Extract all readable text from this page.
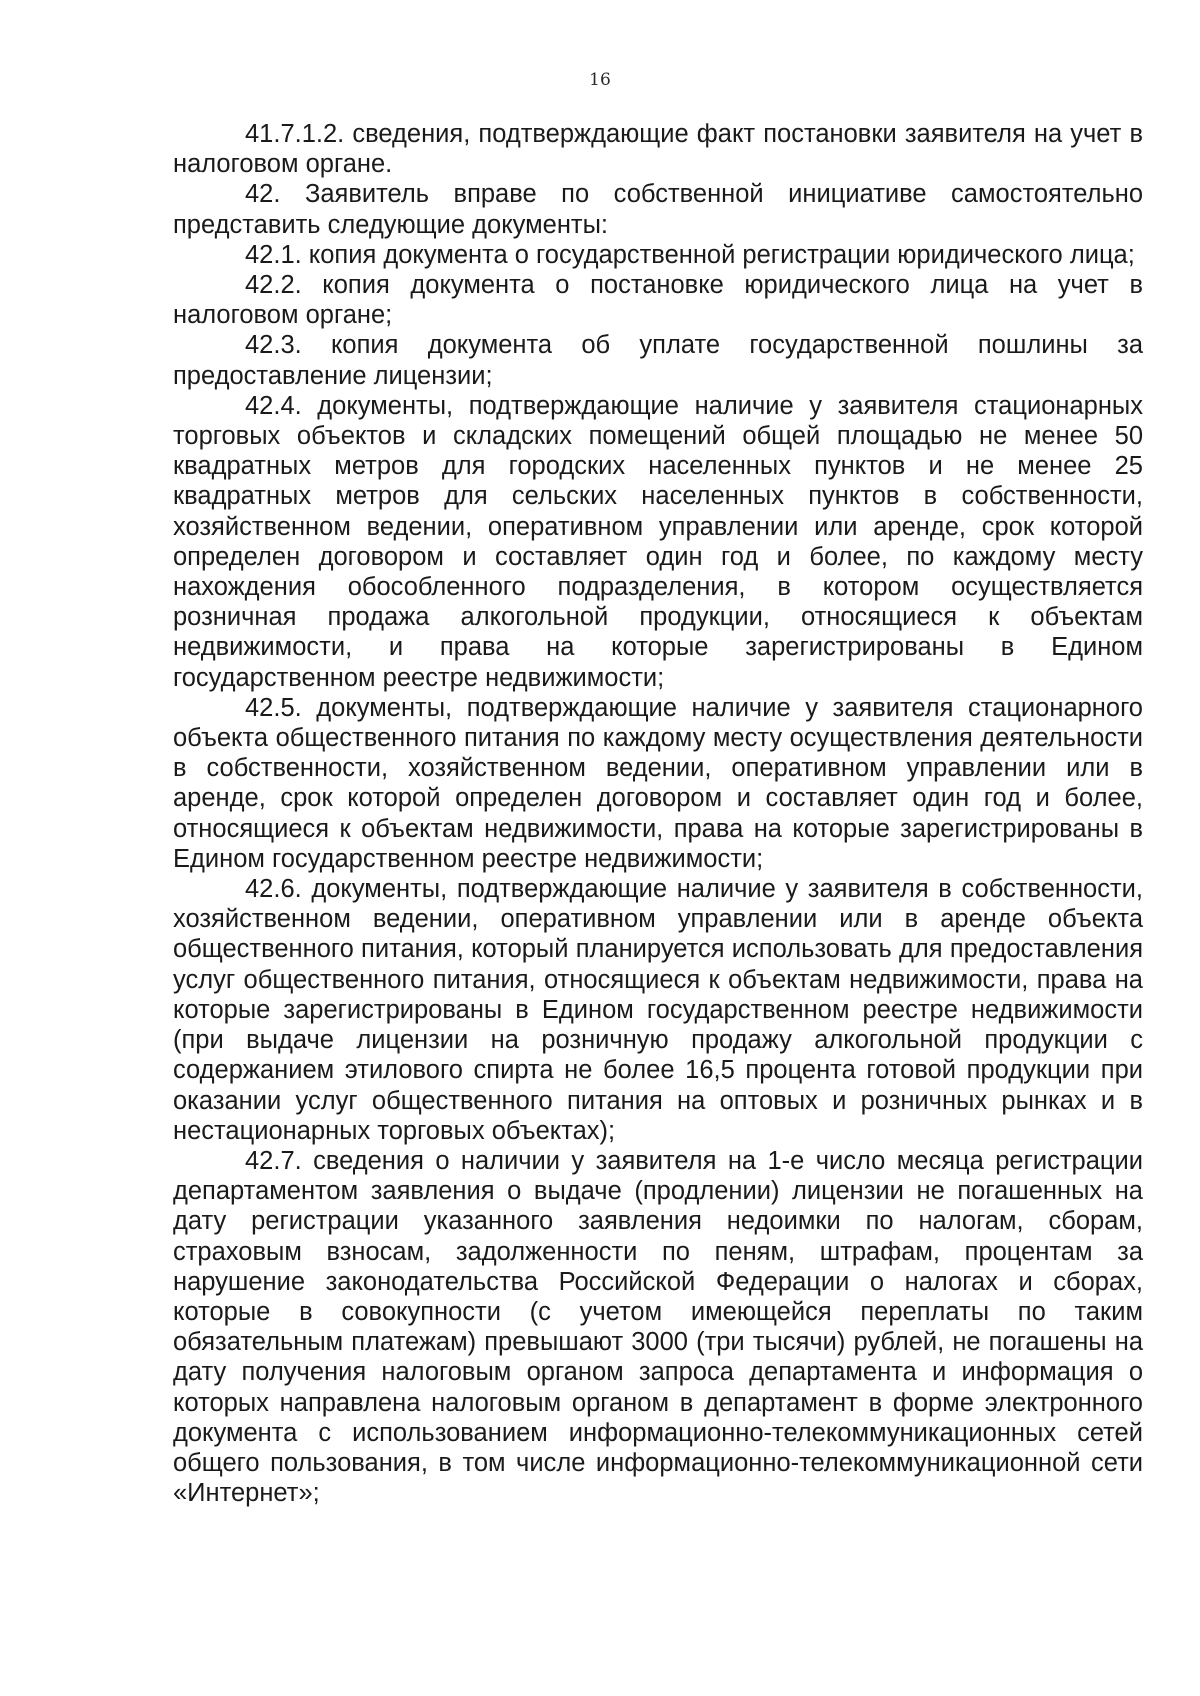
16

41.7.1.2. сведения, подтверждающие факт постановки заявителя на учет в налоговом органе.

42. Заявитель вправе по собственной инициативе самостоятельно представить следующие документы:

42.1. копия документа о государственной регистрации юридического лица;

42.2. копия документа о постановке юридического лица на учет в налоговом органе;

42.3. копия документа об уплате государственной пошлины за предоставление лицензии;

42.4. документы, подтверждающие наличие у заявителя стационарных торговых объектов и складских помещений общей площадью не менее 50 квадратных метров для городских населенных пунктов и не менее 25 квадратных метров для сельских населенных пунктов в собственности, хозяйственном ведении, оперативном управлении или аренде, срок которой определен договором и составляет один год и более, по каждому месту нахождения обособленного подразделения, в котором осуществляется розничная продажа алкогольной продукции, относящиеся к объектам недвижимости, и права на которые зарегистрированы в Едином государственном реестре недвижимости;

42.5. документы, подтверждающие наличие у заявителя стационарного объекта общественного питания по каждому месту осуществления деятельности в собственности, хозяйственном ведении, оперативном управлении или в аренде, срок которой определен договором и составляет один год и более, относящиеся к объектам недвижимости, права на которые зарегистрированы в Едином государственном реестре недвижимости;

42.6. документы, подтверждающие наличие у заявителя в собственности, хозяйственном ведении, оперативном управлении или в аренде объекта общественного питания, который планируется использовать для предоставления услуг общественного питания, относящиеся к объектам недвижимости, права на которые зарегистрированы в Едином государственном реестре недвижимости (при выдаче лицензии на розничную продажу алкогольной продукции с содержанием этилового спирта не более 16,5 процента готовой продукции при оказании услуг общественного питания на оптовых и розничных рынках и в нестационарных торговых объектах);

42.7. сведения о наличии у заявителя на 1-е число месяца регистрации департаментом заявления о выдаче (продлении) лицензии не погашенных на дату регистрации указанного заявления недоимки по налогам, сборам, страховым взносам, задолженности по пеням, штрафам, процентам за нарушение законодательства Российской Федерации о налогах и сборах, которые в совокупности (с учетом имеющейся переплаты по таким обязательным платежам) превышают 3000 (три тысячи) рублей, не погашены на дату получения налоговым органом запроса департамента и информация о которых направлена налоговым органом в департамент в форме электронного документа с использованием информационно-телекоммуникационных сетей общего пользования, в том числе информационно-телекоммуникационной сети «Интернет»;
